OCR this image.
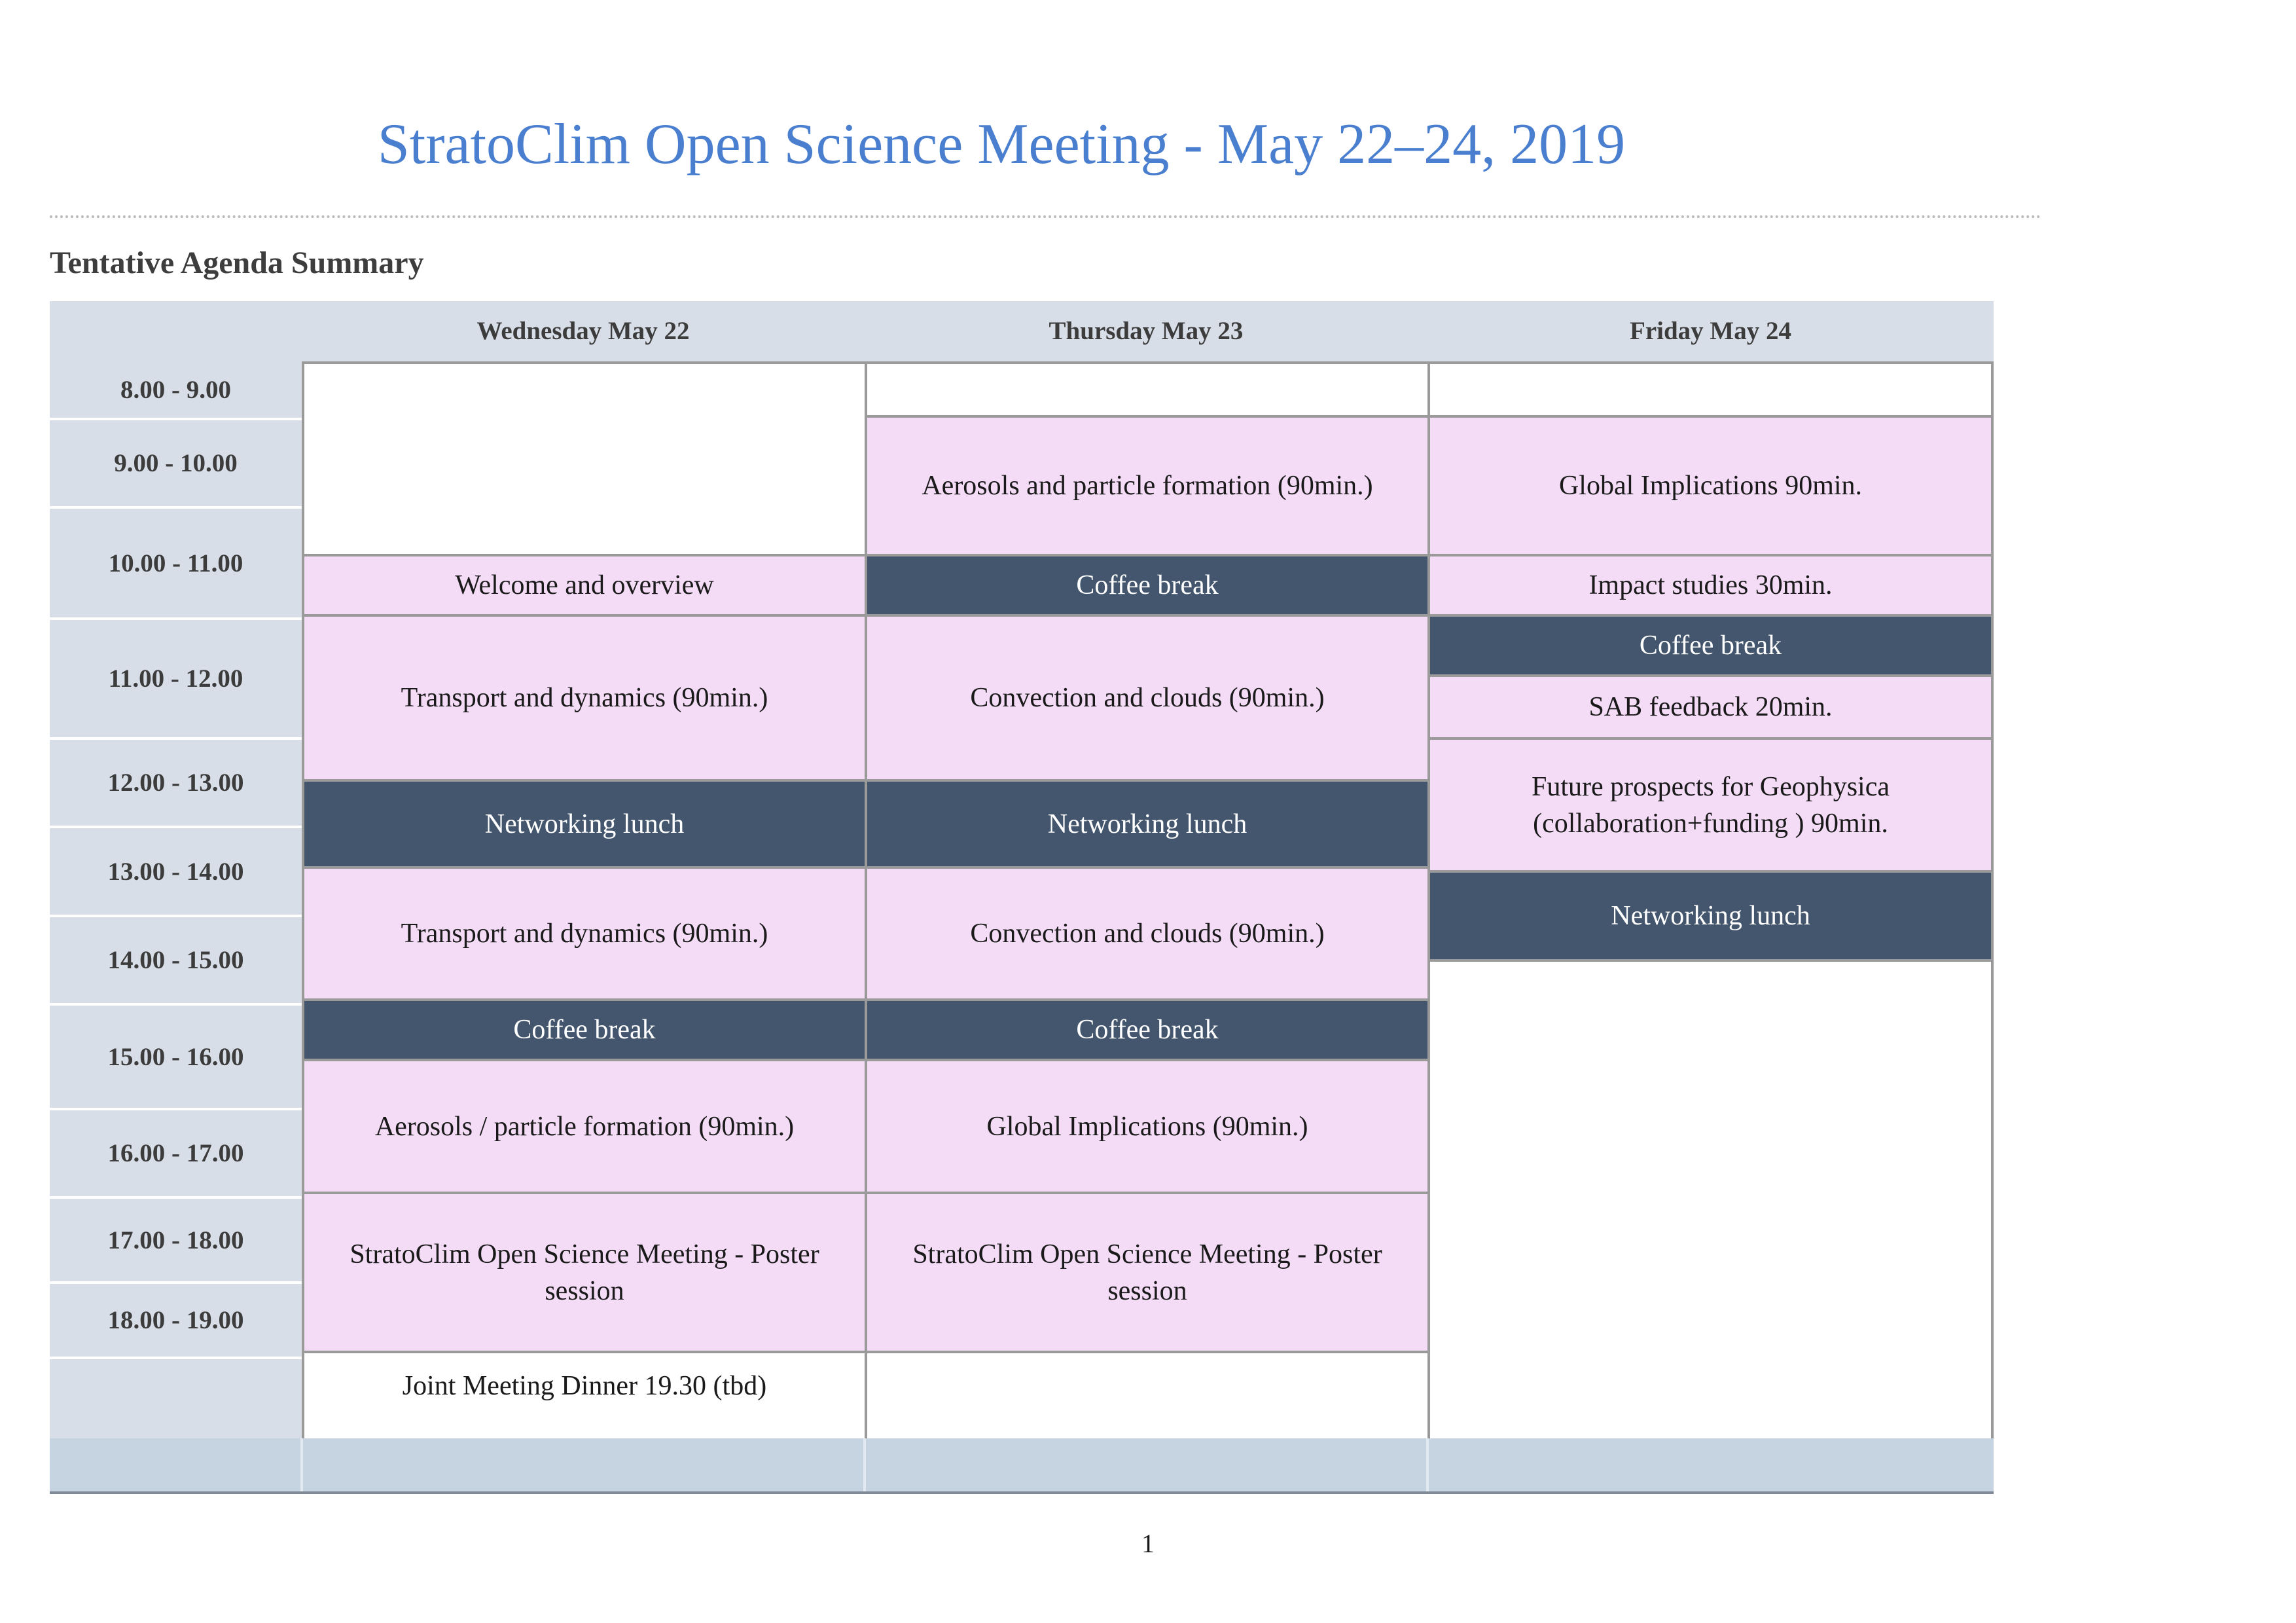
StratoClim Open Science Meeting - May 22–24, 2019
Tentative Agenda Summary
Wednesday May 22	Thursday May 23	Friday May 24
8.00 - 9.00
9.00 - 10.00
10.00 - 11.00
11.00 - 12.00
12.00 - 13.00
13.00 - 14.00
14.00 - 15.00
15.00 - 16.00
16.00 - 17.00
17.00 - 18.00
18.00 - 19.00
Welcome and overview
Transport and dynamics (90min.)
Networking lunch
Transport and dynamics (90min.)
Coffee break
Aerosols / particle formation (90min.)
StratoClim Open Science Meeting - Poster session
Joint Meeting Dinner 19.30 (tbd)
Aerosols and particle formation (90min.)
Coffee break
Convection and clouds (90min.)
Networking lunch
Convection and clouds (90min.)
Coffee break
Global Implications (90min.)
StratoClim Open Science Meeting - Poster session
Global Implications 90min.
Impact studies 30min.
Coffee break
SAB feedback 20min.
Future prospects for Geophysica (collaboration+funding ) 90min.
Networking lunch
1
